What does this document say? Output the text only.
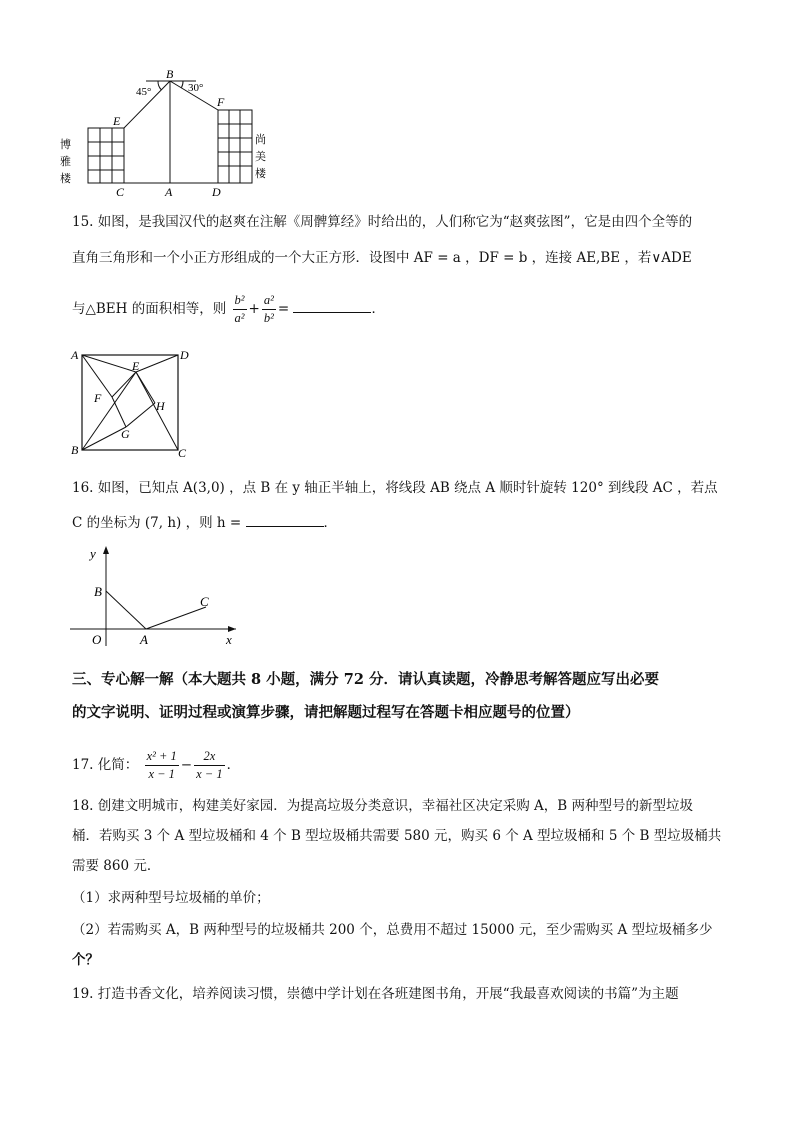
B
45°	30°
E
F
C	A	D
博
雅
楼
尚
美
楼
15. 如图，是我国汉代的赵爽在注解《周髀算经》时给出的，人们称它为“赵爽弦图”，它是由四个全等的
直角三角形和一个小正方形组成的一个大正方形．设图中 AF = a ，DF = b ，连接 AE,BE ，若∨ADE
与△BEH 的面积相等，则 $\frac{\text{b²}}{\text{a²}} + \frac{\text{a²}}{\text{b²}}$ =	．
A	D
E
F
H
G
B	C
16. 如图，已知点 A(3,0) ，点 B 在 y 轴正半轴上，将线段 AB 绕点 A 顺时针旋转 120° 到线段 AC ，若点
C 的坐标为 (7, h) ，则 h =	．
y
B
C
O	A	x
三、专心解一解（本大题共 8 小题，满分 72 分．请认真读题，冷静思考解答题应写出必要
的文字说明、证明过程或演算步骤，请把解题过程写在答题卡相应题号的位置）
17. 化简： $\frac{\text{x² + 1}}{x - 1} - \frac{2x}{x - 1}$ ．
18. 创建文明城市，构建美好家园．为提高垃圾分类意识，幸福社区决定采购 A，B 两种型号的新型垃圾
桶．若购买 3 个 A 型垃圾桶和 4 个 B 型垃圾桶共需要 580 元，购买 6 个 A 型垃圾桶和 5 个 B 型垃圾桶共
需要 860 元．
（1）求两种型号垃圾桶的单价；
（2）若需购买 A，B 两种型号的垃圾桶共 200 个，总费用不超过 15000 元，至少需购买 A 型垃圾桶多少
个？
19. 打造书香文化，培养阅读习惯，崇德中学计划在各班建图书角，开展“我最喜欢阅读的书篇”为主题
